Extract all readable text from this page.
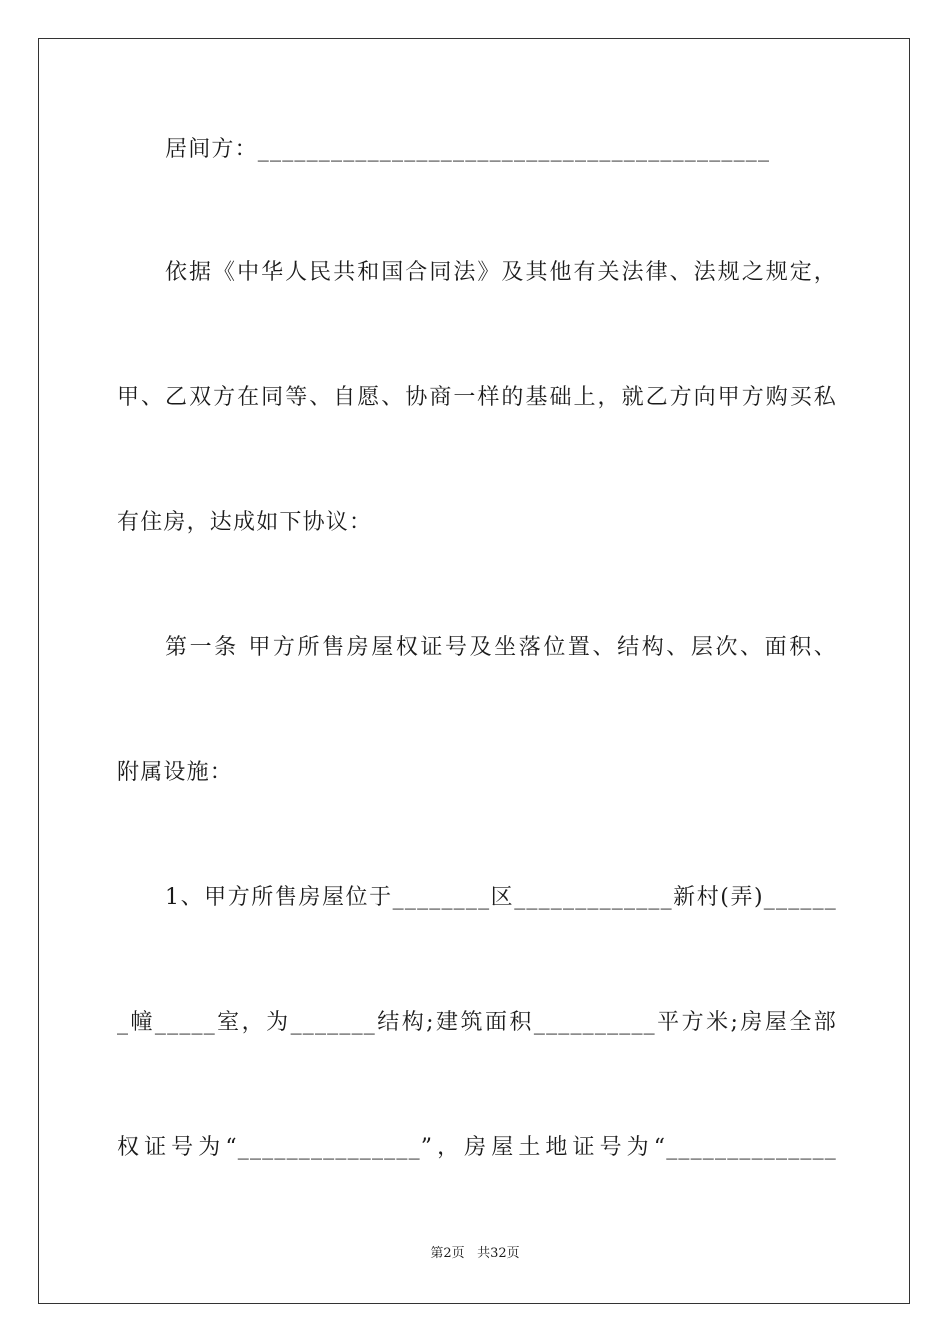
居间方：__________________________________________
依据《中华人民共和国合同法》及其他有关法律、法规之规定，
甲、乙双方在同等、自愿、协商一样的基础上，就乙方向甲方购买私
有住房，达成如下协议：
第一条 甲方所售房屋权证号及坐落位置、结构、层次、面积、
附属设施：
1、甲方所售房屋位于________区_____________新村(弄)______
_幢_____室，为_______结构;建筑面积__________平方米;房屋全部
权证号为“_______________”，房屋土地证号为“______________
第2页 共32页
